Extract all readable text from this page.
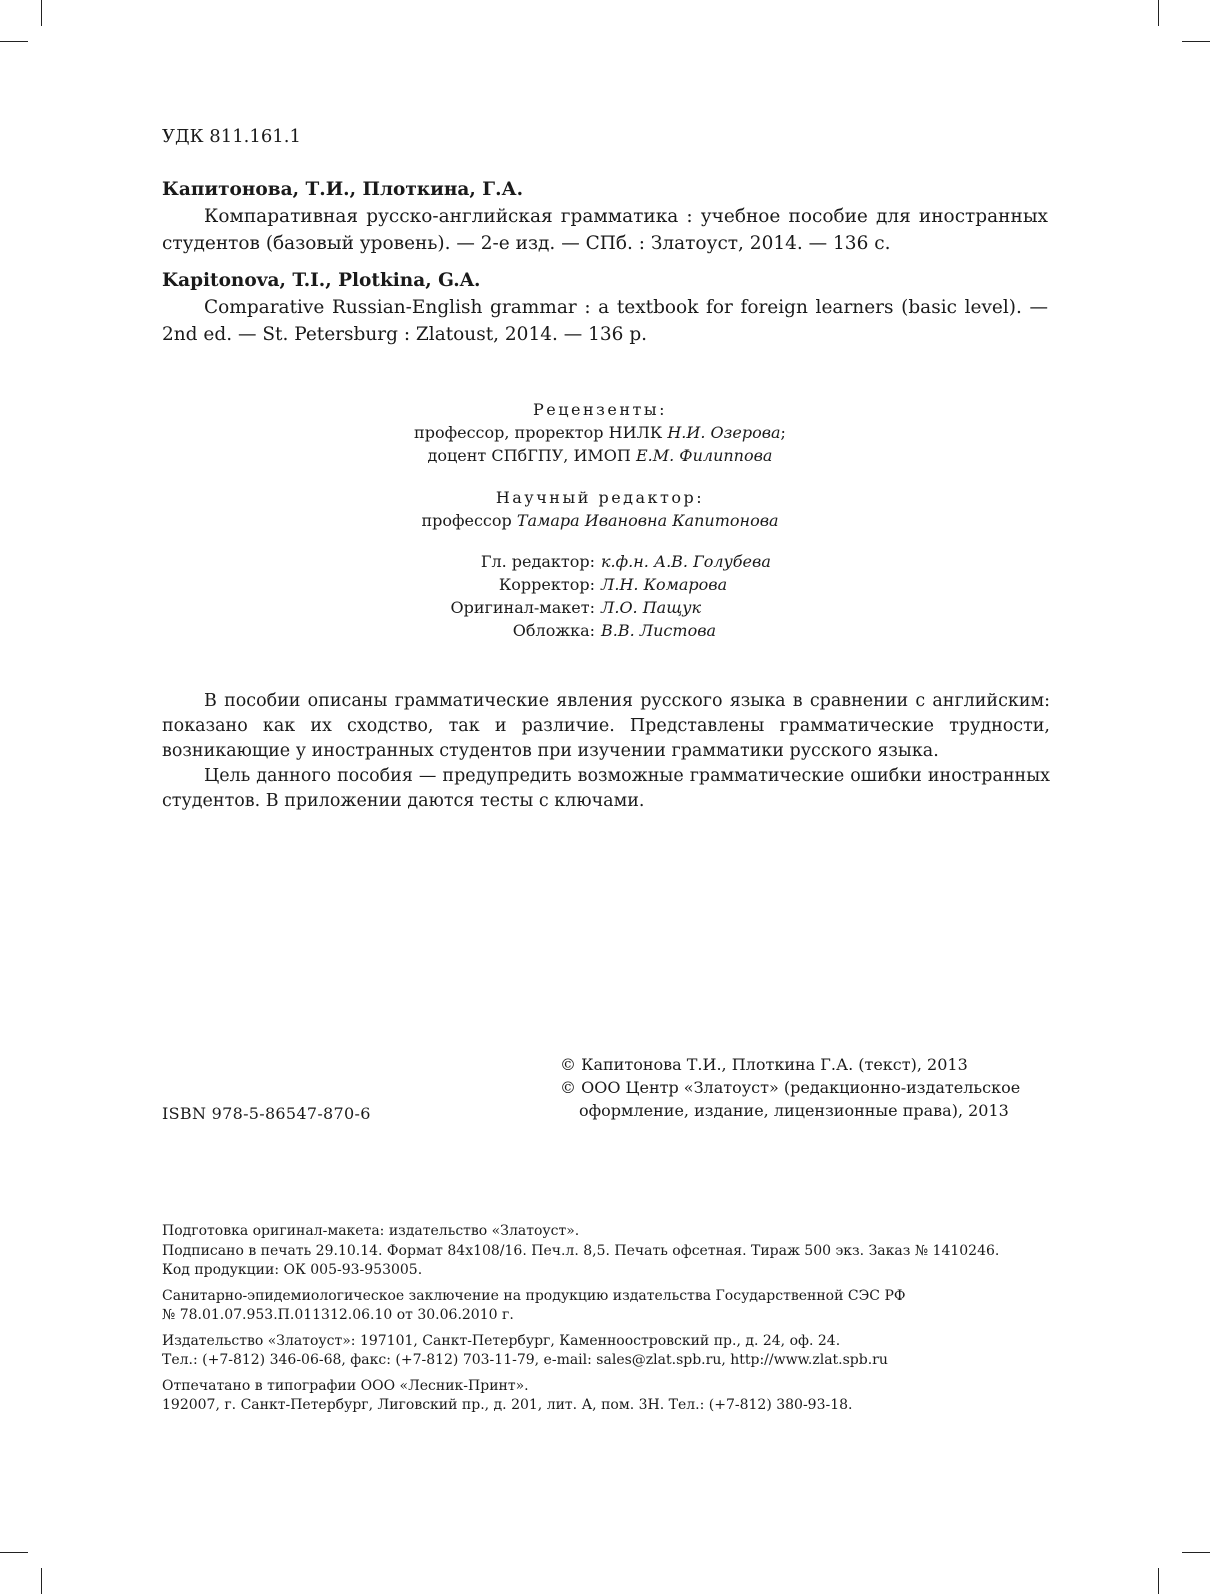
УДК 811.161.1
Капитонова, Т.И., Плоткина, Г.А.
Компаративная русско-английская грамматика : учебное пособие для иностранных студентов (базовый уровень). — 2-е изд. — СПб. : Златоуст, 2014. — 136 с.
Kapitonova, T.I., Plotkina, G.A.
Comparative Russian-English grammar : a textbook for foreign learners (basic level). — 2nd ed. — St. Petersburg : Zlatoust, 2014. — 136 p.
Рецензенты:
профессор, проректор НИЛК Н.И. Озерова;
доцент СПбГПУ, ИМОП Е.М. Филиппова
Научный редактор:
профессор Тамара Ивановна Капитонова
Гл. редактор: к.ф.н. А.В. Голубева
Корректор: Л.Н. Комарова
Оригинал-макет: Л.О. Пащук
Обложка: В.В. Листова

В пособии описаны грамматические явления русского языка в сравнении с английским: показано как их сходство, так и различие. Представлены грамматические трудности, возникающие у иностранных студентов при изучении грамматики русского языка.

Цель данного пособия — предупредить возможные грамматические ошибки иностранных студентов. В приложении даются тесты с ключами.

© Капитонова Т.И., Плоткина Г.А. (текст), 2013
© ООО Центр «Златоуст» (редакционно-издательское
оформление, издание, лицензионные права), 2013
ISBN 978-5-86547-870-6
Подготовка оригинал-макета: издательство «Златоуст».
Подписано в печать 29.10.14. Формат 84х108/16. Печ.л. 8,5. Печать офсетная. Тираж 500 экз. Заказ № 1410246.
Код продукции: ОК 005-93-953005.
Санитарно-эпидемиологическое заключение на продукцию издательства Государственной СЭС РФ
№ 78.01.07.953.П.011312.06.10 от 30.06.2010 г.
Издательство «Златоуст»: 197101, Санкт-Петербург, Каменноостровский пр., д. 24, оф. 24.
Тел.: (+7-812) 346-06-68, факс: (+7-812) 703-11-79, e-mail: sales@zlat.spb.ru, http://www.zlat.spb.ru
Отпечатано в типографии ООО «Лесник-Принт».
192007, г. Санкт-Петербург, Лиговский пр., д. 201, лит. А, пом. 3Н. Тел.: (+7-812) 380-93-18.
